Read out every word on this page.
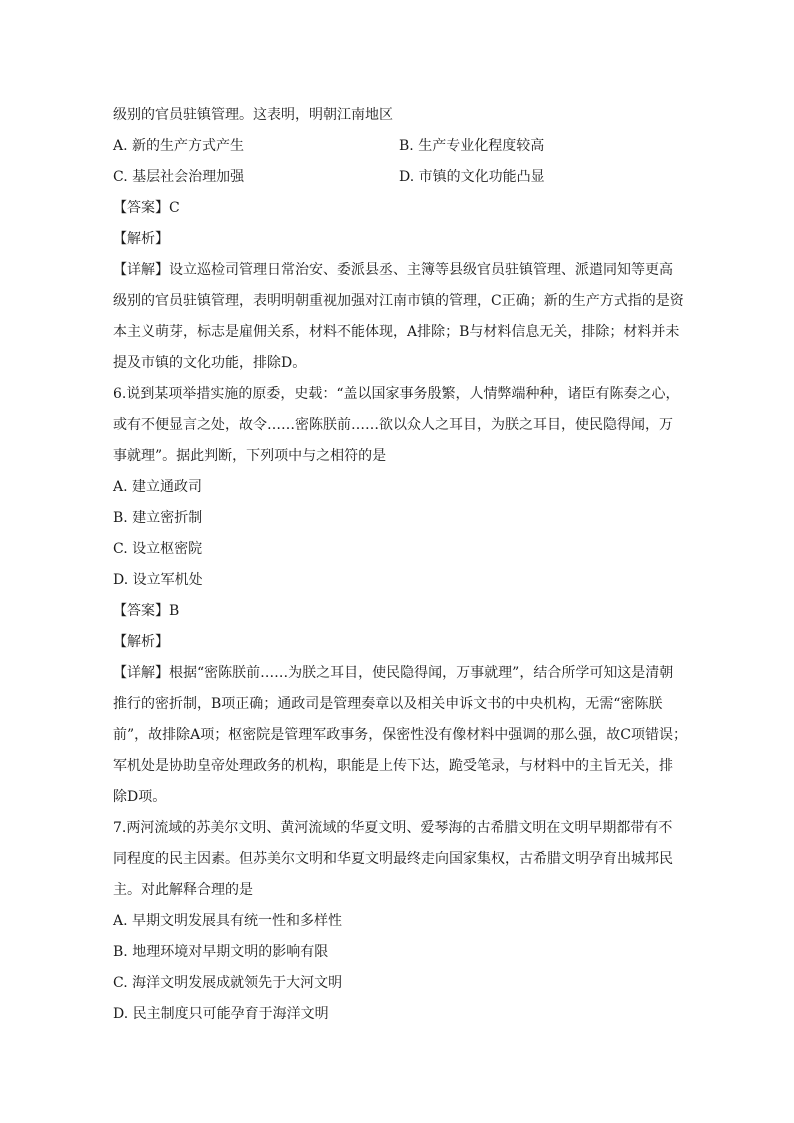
级别的官员驻镇管理。这表明，明朝江南地区
A. 新的生产方式产生	B. 生产专业化程度较高
C. 基层社会治理加强	D. 市镇的文化功能凸显
【答案】C
【解析】
【详解】设立巡检司管理日常治安、委派县丞、主簿等县级官员驻镇管理、派遣同知等更高
级别的官员驻镇管理，表明明朝重视加强对江南市镇的管理，C正确；新的生产方式指的是资
本主义萌芽，标志是雇佣关系，材料不能体现，A排除；B与材料信息无关，排除；材料并未
提及市镇的文化功能，排除D。
6.说到某项举措实施的原委，史载：“盖以国家事务殷繁，人情弊端种种，诸臣有陈奏之心，
或有不便显言之处，故令……密陈朕前……欲以众人之耳目，为朕之耳目，使民隐得闻，万
事就理”。据此判断，下列项中与之相符的是
A. 建立通政司
B. 建立密折制
C. 设立枢密院
D. 设立军机处
【答案】B
【解析】
【详解】根据“密陈朕前……为朕之耳目，使民隐得闻，万事就理”，结合所学可知这是清朝
推行的密折制，B项正确；通政司是管理奏章以及相关申诉文书的中央机构，无需“密陈朕
前”，故排除A项；枢密院是管理军政事务，保密性没有像材料中强调的那么强，故C项错误；
军机处是协助皇帝处理政务的机构，职能是上传下达，跪受笔录，与材料中的主旨无关，排
除D项。
7.两河流域的苏美尔文明、黄河流域的华夏文明、爱琴海的古希腊文明在文明早期都带有不
同程度的民主因素。但苏美尔文明和华夏文明最终走向国家集权，古希腊文明孕育出城邦民
主。对此解释合理的是
A. 早期文明发展具有统一性和多样性
B. 地理环境对早期文明的影响有限
C. 海洋文明发展成就领先于大河文明
D. 民主制度只可能孕育于海洋文明
